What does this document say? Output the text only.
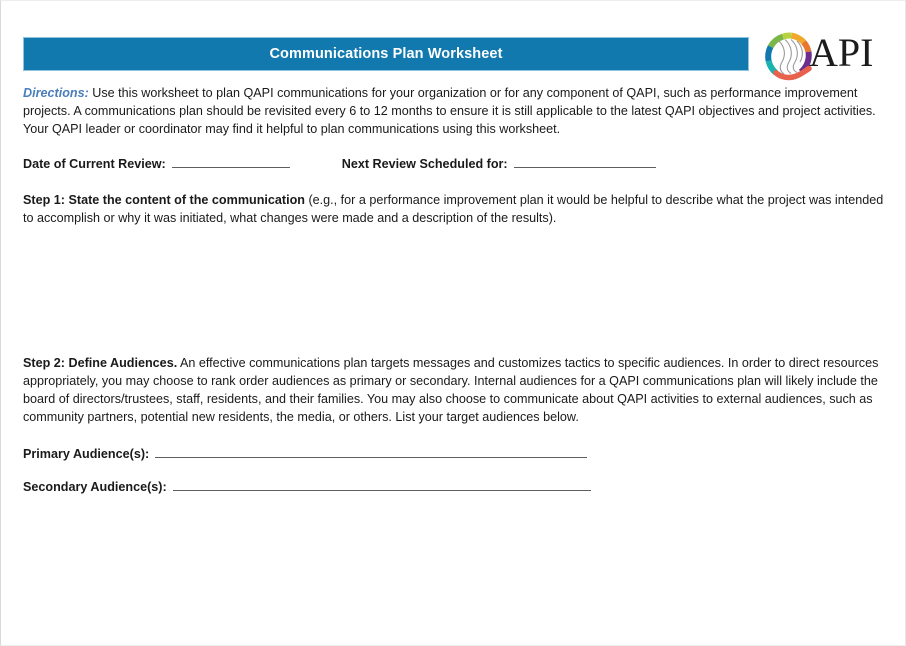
Communications Plan Worksheet	API

Directions: Use this worksheet to plan QAPI communications for your organization or for any component of QAPI, such as performance improvement projects. A communications plan should be revisited every 6 to 12 months to ensure it is still applicable to the latest QAPI objectives and project activities. Your QAPI leader or coordinator may find it helpful to plan communications using this worksheet.

Date of Current Review:	Next Review Scheduled for:

Step 1: State the content of the communication (e.g., for a performance improvement plan it would be helpful to describe what the project was intended to accomplish or why it was initiated, what changes were made and a description of the results).

Step 2: Define Audiences. An effective communications plan targets messages and customizes tactics to specific audiences. In order to direct resources appropriately, you may choose to rank order audiences as primary or secondary. Internal audiences for a QAPI communications plan will likely include the board of directors/trustees, staff, residents, and their families. You may also choose to communicate about QAPI activities to external audiences, such as community partners, potential new residents, the media, or others. List your target audiences below.

Primary Audience(s):
Secondary Audience(s):
